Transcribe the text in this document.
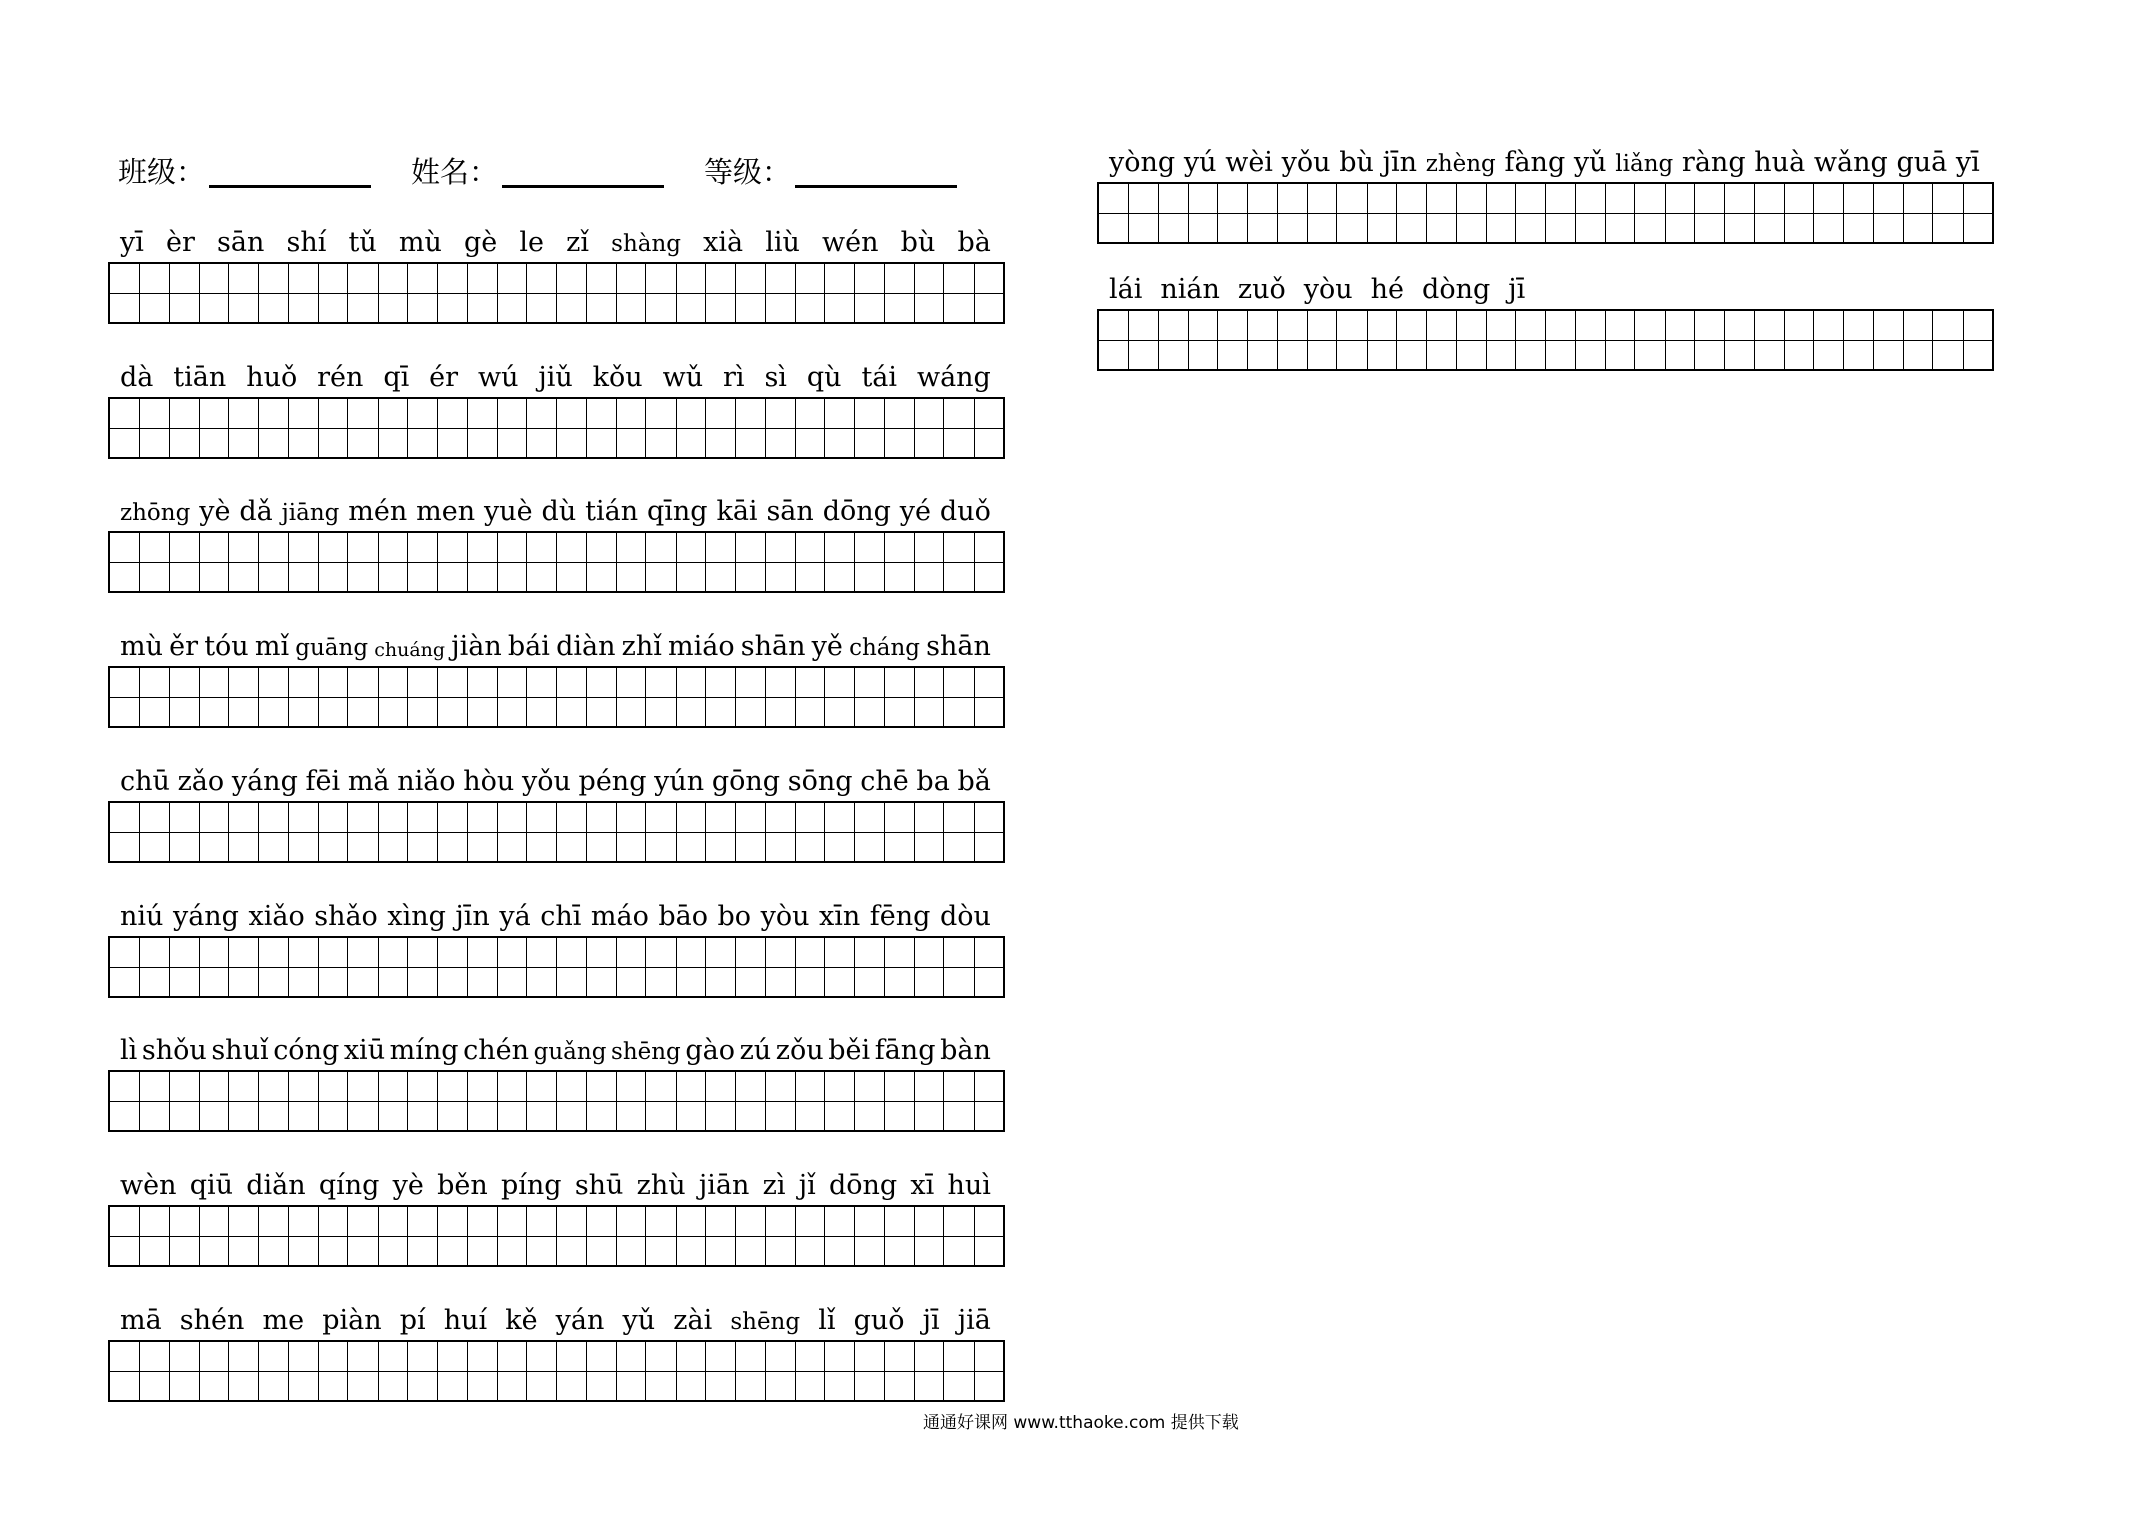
班级：	姓名：	等级：
yī èr sān shí tǔ mù gè le zǐ shàng xià liù wén bù bà
dà tiān huǒ rén qī ér wú jiǔ kǒu wǔ rì sì qù tái wáng
zhōng yè dǎ jiāng mén men yuè dù tián qīng kāi sān dōng yé duǒ
mù ěr tóu mǐ guāng chuáng jiàn bái diàn zhǐ miáo shān yě cháng shān
chū zǎo yáng fēi mǎ niǎo hòu yǒu péng yún gōng sōng chē ba bǎ
niú yáng xiǎo shǎo xìng jīn yá chī máo bāo bo yòu xīn fēng dòu
lì shǒu shuǐ cóng xiū míng chén guǎng shēng gào zú zǒu běi fāng bàn
wèn qiū diǎn qíng yè běn píng shū zhù jiān zì jǐ dōng xī huì
mā shén me piàn pí huí kě yán yǔ zài shēng lǐ guǒ jī jiā
yòng yú wèi yǒu bù jīn zhèng fàng yǔ liǎng ràng huà wǎng guā yī
lái nián zuǒ yòu hé dòng jī
通通好课网 www.tthaoke.com 提供下载
